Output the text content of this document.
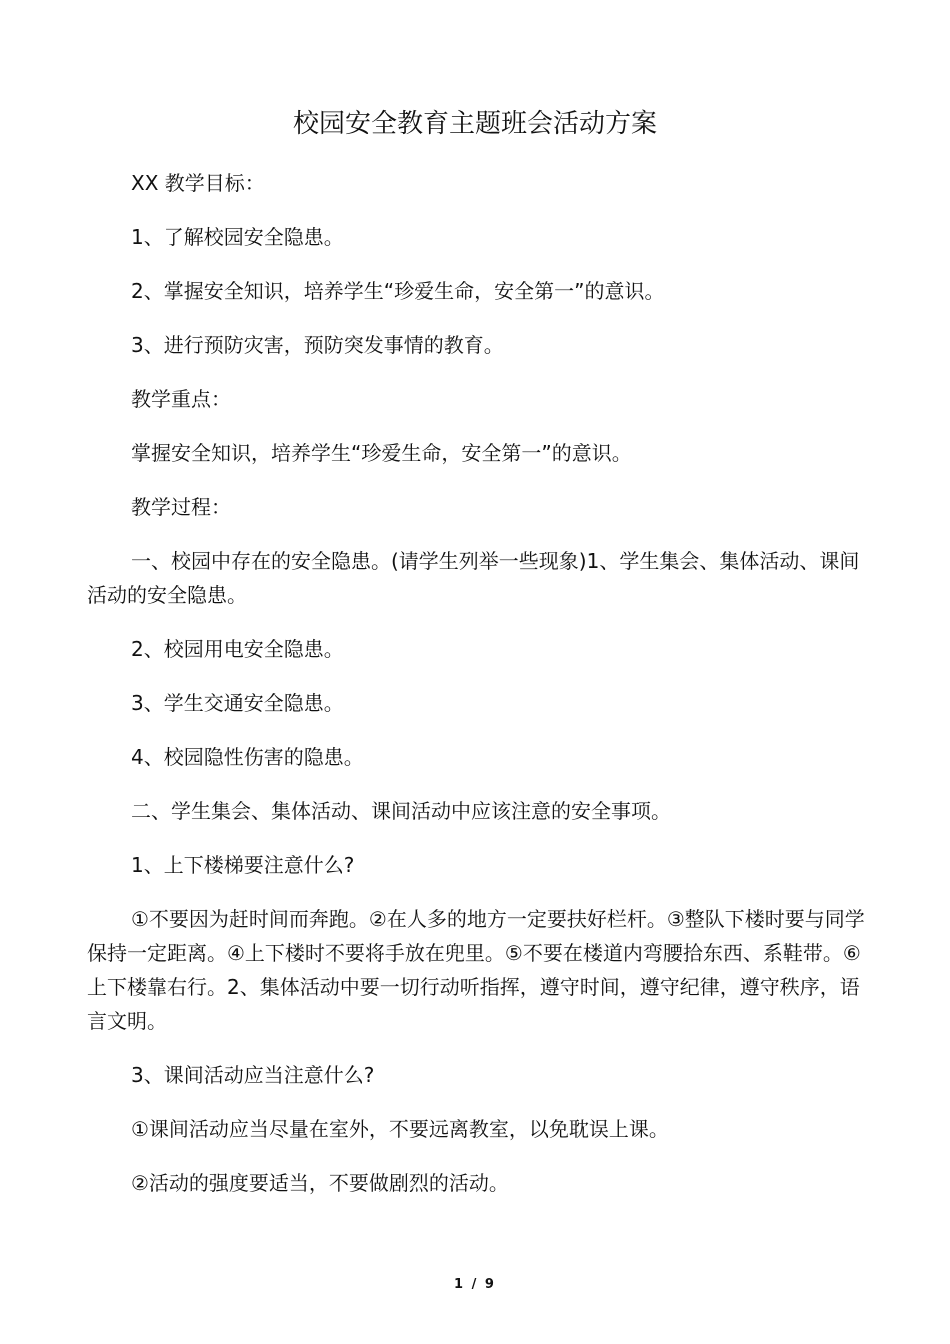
校园安全教育主题班会活动方案

XX 教学目标：

1、了解校园安全隐患。

2、掌握安全知识，培养学生“珍爱生命，安全第一”的意识。

3、进行预防灾害，预防突发事情的教育。

教学重点：

掌握安全知识，培养学生“珍爱生命，安全第一”的意识。

教学过程：

一、校园中存在的安全隐患。(请学生列举一些现象)1、学生集会、集体活动、课间活动的安全隐患。

2、校园用电安全隐患。

3、学生交通安全隐患。

4、校园隐性伤害的隐患。

二、学生集会、集体活动、课间活动中应该注意的安全事项。

1、上下楼梯要注意什么?

①不要因为赶时间而奔跑。②在人多的地方一定要扶好栏杆。③整队下楼时要与同学保持一定距离。④上下楼时不要将手放在兜里。⑤不要在楼道内弯腰拾东西、系鞋带。⑥上下楼靠右行。2、集体活动中要一切行动听指挥，遵守时间，遵守纪律，遵守秩序，语言文明。

3、课间活动应当注意什么?

①课间活动应当尽量在室外，不要远离教室，以免耽误上课。

②活动的强度要适当，不要做剧烈的活动。

1 / 9
